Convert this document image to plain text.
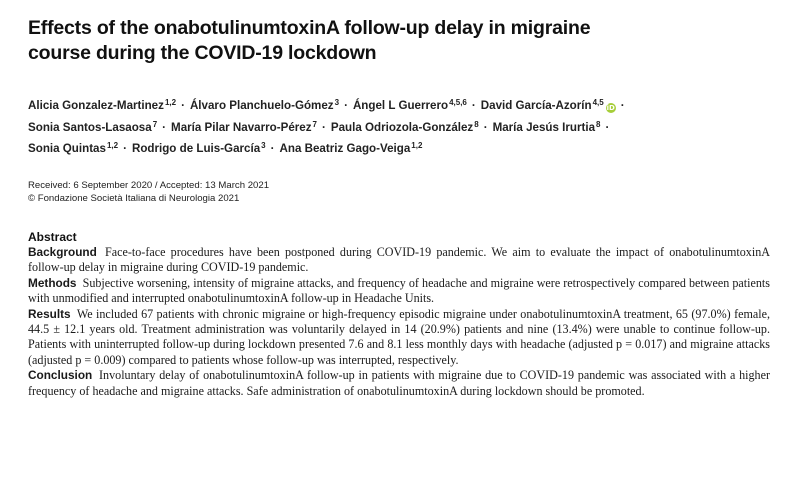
Effects of the onabotulinumtoxinA follow-up delay in migraine
course during the COVID-19 lockdown
Alicia Gonzalez-Martinez$^{1,2}$ · Álvaro Planchuelo-Gómez$^3$ · Ángel L Guerrero$^{4,5,6}$ · David García-Azorín$^{4,5}$iD ·
Sonia Santos-Lasaosa$^7$ · María Pilar Navarro-Pérez$^7$ · Paula Odriozola-González$^8$ · María Jesús Irurtia$^8$ ·
Sonia Quintas$^{1,2}$ · Rodrigo de Luis-García$^3$ · Ana Beatriz Gago-Veiga$^{1,2}$
Received: 6 September 2020 / Accepted: 13 March 2021
© Fondazione Società Italiana di Neurologia 2021
Abstract

Background Face-to-face procedures have been postponed during COVID-19 pandemic. We aim to evaluate the impact of onabotulinumtoxinA follow-up delay in migraine during COVID-19 pandemic.

Methods Subjective worsening, intensity of migraine attacks, and frequency of headache and migraine were retrospectively compared between patients with unmodified and interrupted onabotulinumtoxinA follow-up in Headache Units.

Results We included 67 patients with chronic migraine or high-frequency episodic migraine under onabotulinumtoxinA treatment, 65 (97.0%) female, 44.5 ± 12.1 years old. Treatment administration was voluntarily delayed in 14 (20.9%) patients and nine (13.4%) were unable to continue follow-up. Patients with uninterrupted follow-up during lockdown presented 7.6 and 8.1 less monthly days with headache (adjusted p = 0.017) and migraine attacks (adjusted p = 0.009) compared to patients whose follow-up was interrupted, respectively.

Conclusion Involuntary delay of onabotulinumtoxinA follow-up in patients with migraine due to COVID-19 pandemic was associated with a higher frequency of headache and migraine attacks. Safe administration of onabotulinumtoxinA during lockdown should be promoted.
